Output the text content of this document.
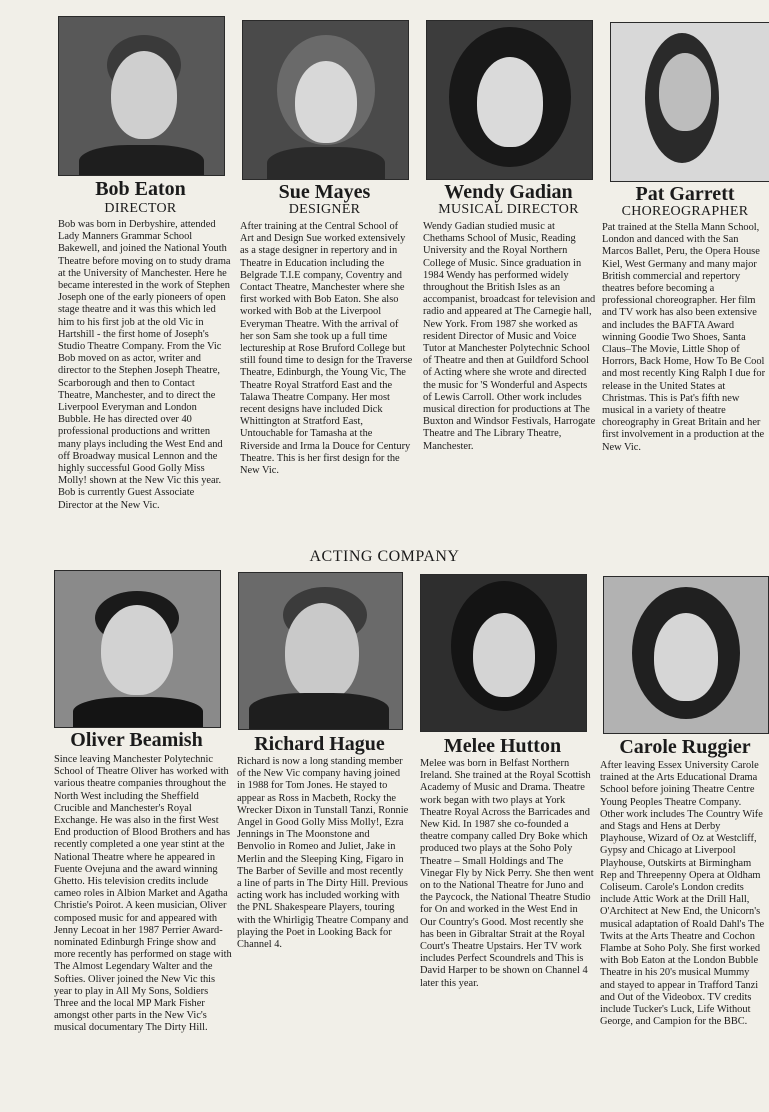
Bob Eaton
DIRECTOR
Bob was born in Derbyshire, attended Lady Manners Grammar School Bakewell, and joined the National Youth Theatre before moving on to study drama at the University of Manchester. Here he became interested in the work of Stephen Joseph one of the early pioneers of open stage theatre and it was this which led him to his first job at the old Vic in Hartshill - the first home of Joseph's Studio Theatre Company. From the Vic Bob moved on as actor, writer and director to the Stephen Joseph Theatre, Scarborough and then to Contact Theatre, Manchester, and to direct the Liverpool Everyman and London Bubble. He has directed over 40 professional productions and written many plays including the West End and off Broadway musical Lennon and the highly successful Good Golly Miss Molly! shown at the New Vic this year. Bob is currently Guest Associate Director at the New Vic.
Sue Mayes
DESIGNER
After training at the Central School of Art and Design Sue worked extensively as a stage designer in repertory and in Theatre in Education including the Belgrade T.I.E company, Coventry and Contact Theatre, Manchester where she first worked with Bob Eaton. She also worked with Bob at the Liverpool Everyman Theatre. With the arrival of her son Sam she took up a full time lectureship at Rose Bruford College but still found time to design for the Traverse Theatre, Edinburgh, the Young Vic, The Theatre Royal Stratford East and the Talawa Theatre Company. Her most recent designs have included Dick Whittington at Stratford East, Untouchable for Tamasha at the Riverside and Irma la Douce for Century Theatre. This is her first design for the New Vic.
Wendy Gadian
MUSICAL DIRECTOR
Wendy Gadian studied music at Chethams School of Music, Reading University and the Royal Northern College of Music. Since graduation in 1984 Wendy has performed widely throughout the British Isles as an accompanist, broadcast for television and radio and appeared at The Carnegie hall, New York. From 1987 she worked as resident Director of Music and Voice Tutor at Manchester Polytechnic School of Theatre and then at Guildford School of Acting where she wrote and directed the music for 'S Wonderful and Aspects of Lewis Carroll. Other work includes musical direction for productions at The Buxton and Windsor Festivals, Harrogate Theatre and The Library Theatre, Manchester.
Pat Garrett
CHOREOGRAPHER
Pat trained at the Stella Mann School, London and danced with the San Marcos Ballet, Peru, the Opera House Kiel, West Germany and many major British commercial and repertory theatres before becoming a professional choreographer. Her film and TV work has also been extensive and includes the BAFTA Award winning Goodie Two Shoes, Santa Claus–The Movie, Little Shop of Horrors, Back Home, How To Be Cool and most recently King Ralph I due for release in the United States at Christmas. This is Pat's fifth new musical in a variety of theatre choreography in Great Britain and her first involvement in a production at the New Vic.
ACTING COMPANY
Oliver Beamish
Since leaving Manchester Polytechnic School of Theatre Oliver has worked with various theatre companies throughout the North West including the Sheffield Crucible and Manchester's Royal Exchange. He was also in the first West End production of Blood Brothers and has recently completed a one year stint at the National Theatre where he appeared in Fuente Ovejuna and the award winning Ghetto. His television credits include cameo roles in Albion Market and Agatha Christie's Poirot. A keen musician, Oliver composed music for and appeared with Jenny Lecoat in her 1987 Perrier Award-nominated Edinburgh Fringe show and more recently has performed on stage with The Almost Legendary Walter and the Softies. Oliver joined the New Vic this year to play in All My Sons, Soldiers Three and the local MP Mark Fisher amongst other parts in the New Vic's musical documentary The Dirty Hill.
Richard Hague
Richard is now a long standing member of the New Vic company having joined in 1988 for Tom Jones. He stayed to appear as Ross in Macbeth, Rocky the Wrecker Dixon in Tunstall Tanzi, Ronnie Angel in Good Golly Miss Molly!, Ezra Jennings in The Moonstone and Benvolio in Romeo and Juliet, Jake in Merlin and the Sleeping King, Figaro in The Barber of Seville and most recently a line of parts in The Dirty Hill. Previous acting work has included working with the PNL Shakespeare Players, touring with the Whirligig Theatre Company and playing the Poet in Looking Back for Channel 4.
Melee Hutton
Melee was born in Belfast Northern Ireland. She trained at the Royal Scottish Academy of Music and Drama. Theatre work began with two plays at York Theatre Royal Across the Barricades and New Kid. In 1987 she co-founded a theatre company called Dry Boke which produced two plays at the Soho Poly Theatre – Small Holdings and The Vinegar Fly by Nick Perry. She then went on to the National Theatre for Juno and the Paycock, the National Theatre Studio for On and worked in the West End in Our Country's Good. Most recently she has been in Gibraltar Strait at the Royal Court's Theatre Upstairs. Her TV work includes Perfect Scoundrels and This is David Harper to be shown on Channel 4 later this year.
Carole Ruggier
After leaving Essex University Carole trained at the Arts Educational Drama School before joining Theatre Centre Young Peoples Theatre Company. Other work includes The Country Wife and Stags and Hens at Derby Playhouse, Wizard of Oz at Westcliff, Gypsy and Chicago at Liverpool Playhouse, Outskirts at Birmingham Rep and Threepenny Opera at Oldham Coliseum. Carole's London credits include Attic Work at the Drill Hall, O'Architect at New End, the Unicorn's musical adaptation of Roald Dahl's The Twits at the Arts Theatre and Cochon Flambe at Soho Poly. She first worked with Bob Eaton at the London Bubble Theatre in his 20's musical Mummy and stayed to appear in Trafford Tanzi and Out of the Videobox. TV credits include Tucker's Luck, Life Without George, and Campion for the BBC.
